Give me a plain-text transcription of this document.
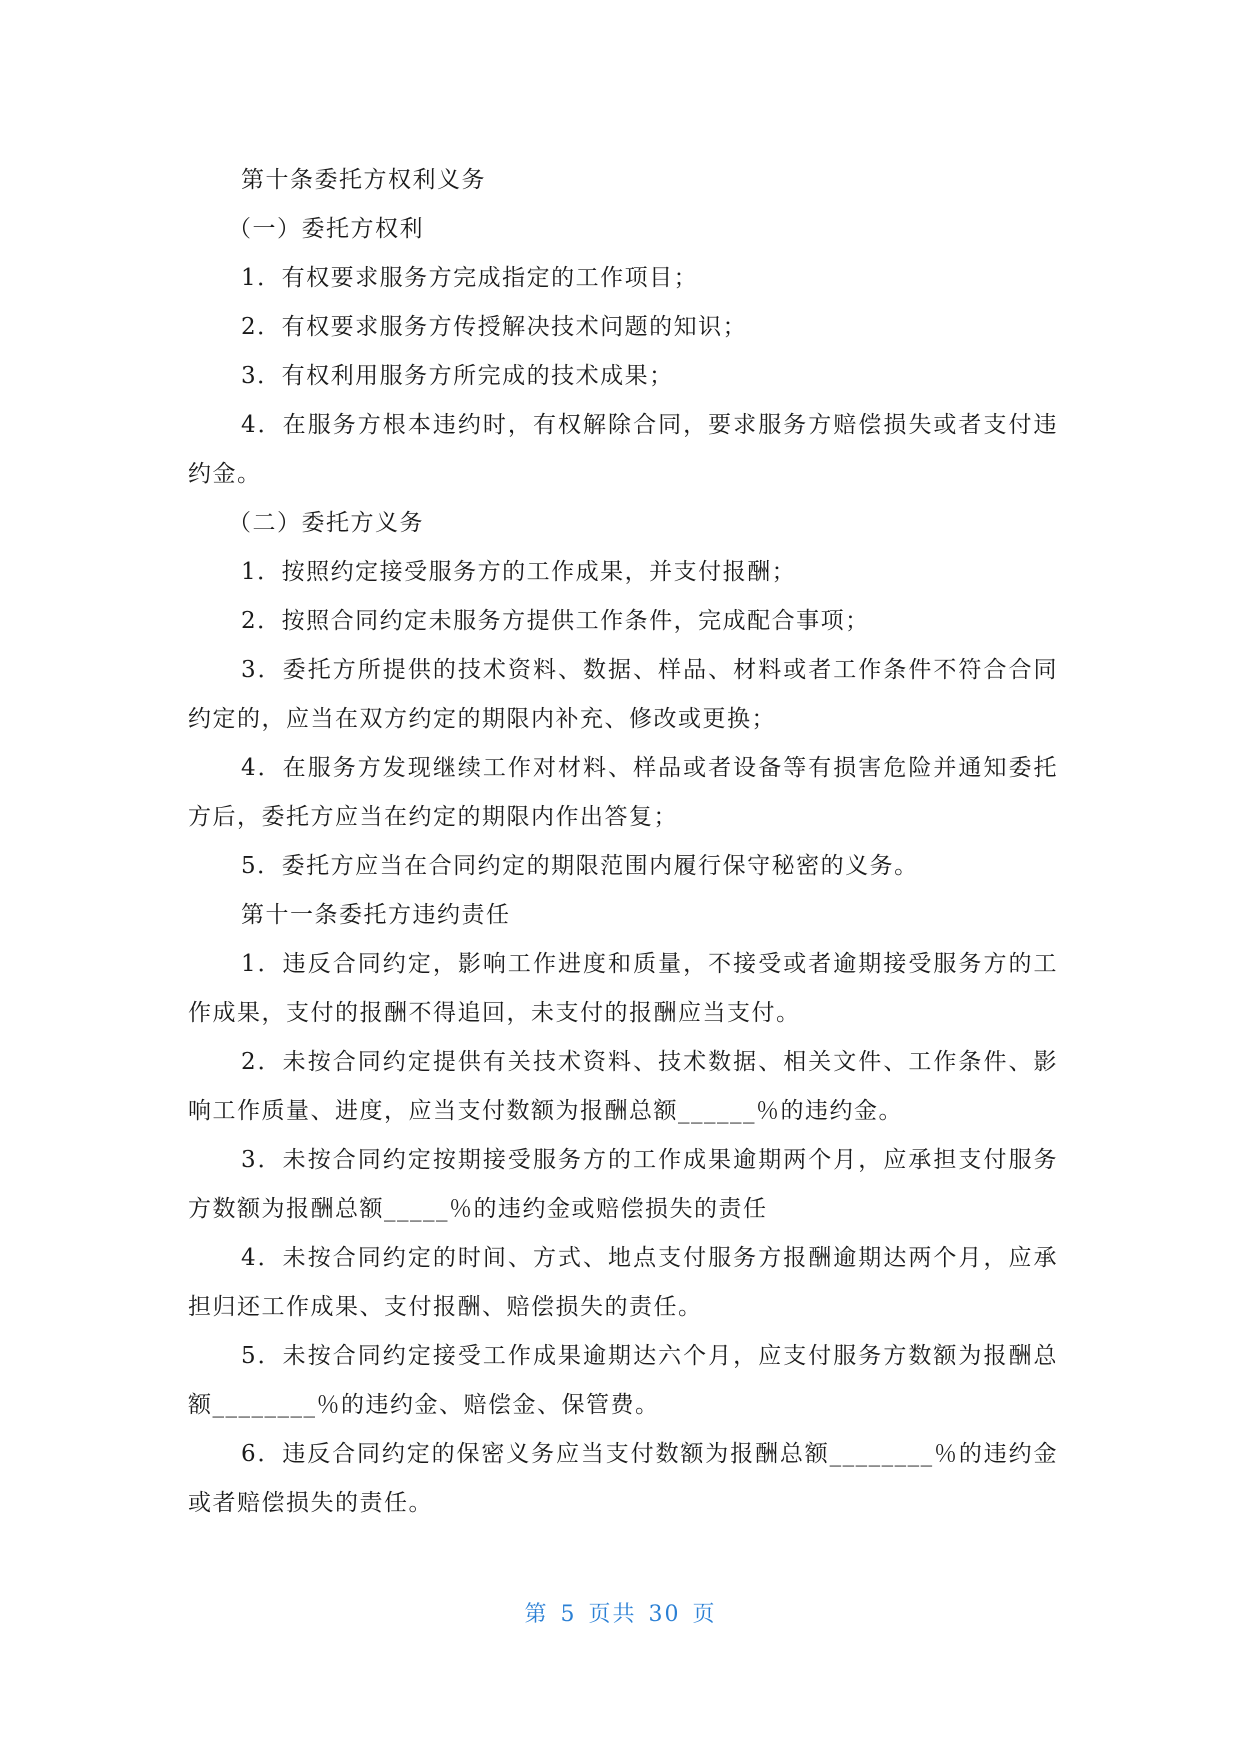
第十条委托方权利义务

（一）委托方权利

1．有权要求服务方完成指定的工作项目；

2．有权要求服务方传授解决技术问题的知识；

3．有权利用服务方所完成的技术成果；

4．在服务方根本违约时，有权解除合同，要求服务方赔偿损失或者支付违约金。

（二）委托方义务

1．按照约定接受服务方的工作成果，并支付报酬；

2．按照合同约定未服务方提供工作条件，完成配合事项；

3．委托方所提供的技术资料、数据、样品、材料或者工作条件不符合合同约定的，应当在双方约定的期限内补充、修改或更换；

4．在服务方发现继续工作对材料、样品或者设备等有损害危险并通知委托方后，委托方应当在约定的期限内作出答复；

5．委托方应当在合同约定的期限范围内履行保守秘密的义务。

第十一条委托方违约责任

1．违反合同约定，影响工作进度和质量，不接受或者逾期接受服务方的工作成果，支付的报酬不得追回，未支付的报酬应当支付。

2．未按合同约定提供有关技术资料、技术数据、相关文件、工作条件、影响工作质量、进度，应当支付数额为报酬总额______％的违约金。

3．未按合同约定按期接受服务方的工作成果逾期两个月，应承担支付服务方数额为报酬总额_____％的违约金或赔偿损失的责任

4．未按合同约定的时间、方式、地点支付服务方报酬逾期达两个月，应承担归还工作成果、支付报酬、赔偿损失的责任。

5．未按合同约定接受工作成果逾期达六个月，应支付服务方数额为报酬总额________％的违约金、赔偿金、保管费。

6．违反合同约定的保密义务应当支付数额为报酬总额________％的违约金或者赔偿损失的责任。

第 5 页共 30 页
